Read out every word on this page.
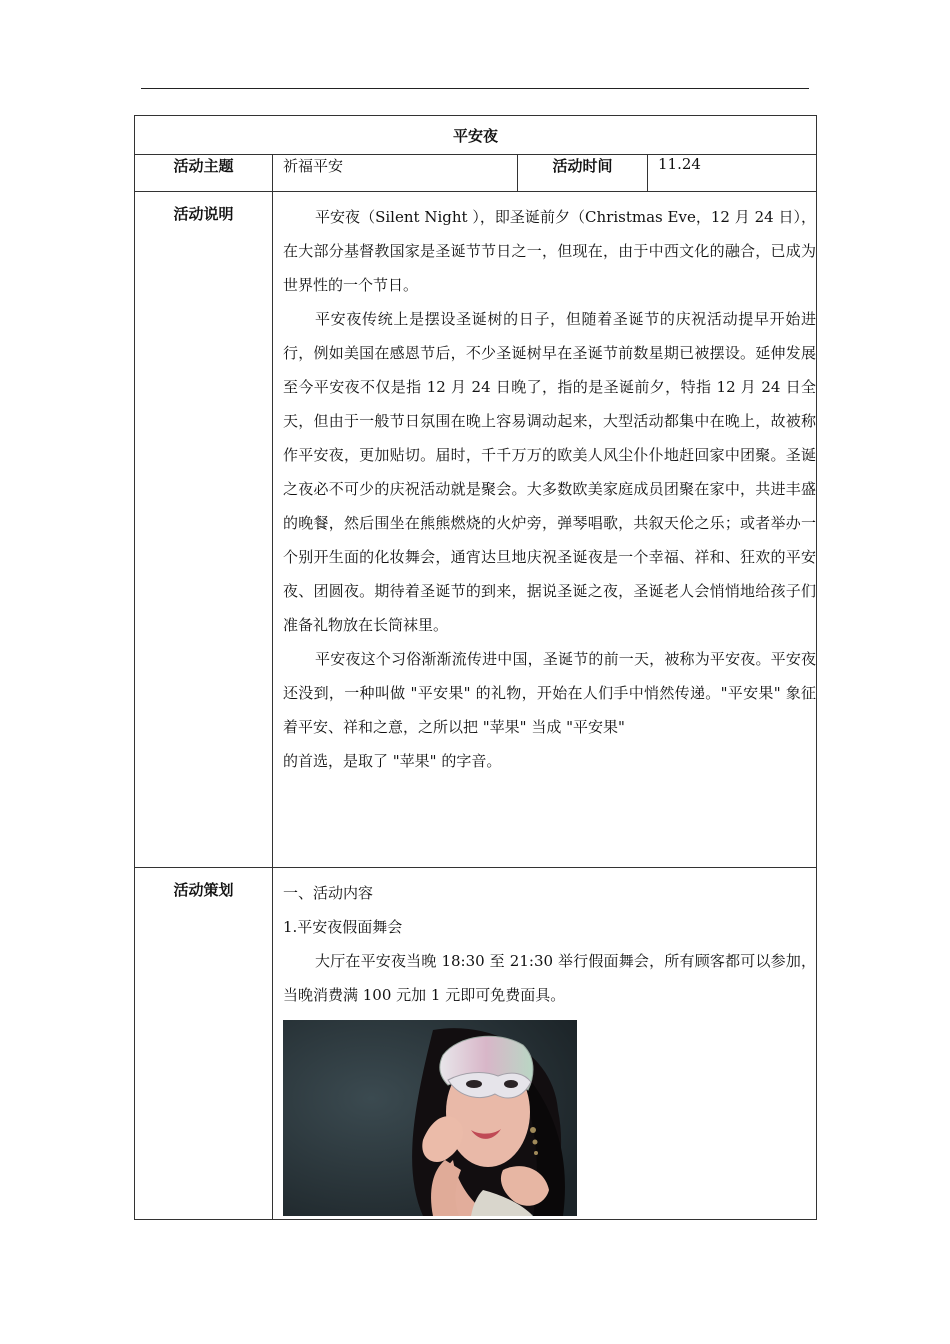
平安夜			
活动主题	祈福平安	活动时间	11.24
活动说明	平安夜（Silent Night ），即圣诞前夕（Christmas Eve，12 月 24 日），在大部分基督教国家是圣诞节节日之一，但现在，由于中西文化的融合，已成为世界性的一个节日。

平安夜传统上是摆设圣诞树的日子，但随着圣诞节的庆祝活动提早开始进行，例如美国在感恩节后，不少圣诞树早在圣诞节前数星期已被摆设。延伸发展至今平安夜不仅是指 12 月 24 日晚了，指的是圣诞前夕，特指 12 月 24 日全天，但由于一般节日氛围在晚上容易调动起来，大型活动都集中在晚上，故被称作平安夜，更加贴切。届时，千千万万的欧美人风尘仆仆地赶回家中团聚。圣诞之夜必不可少的庆祝活动就是聚会。大多数欧美家庭成员团聚在家中，共进丰盛的晚餐，然后围坐在熊熊燃烧的火炉旁，弹琴唱歌，共叙天伦之乐；或者举办一个别开生面的化妆舞会，通宵达旦地庆祝圣诞夜是一个幸福、祥和、狂欢的平安夜、团圆夜。期待着圣诞节的到来，据说圣诞之夜，圣诞老人会悄悄地给孩子们准备礼物放在长筒袜里。

平安夜这个习俗渐渐流传进中国，圣诞节的前一天，被称为平安夜。平安夜还没到，一种叫做 "平安果" 的礼物，开始在人们手中悄然传递。"平安果" 象征着平安、祥和之意，之所以把 "苹果" 当成 "平安果"

的首选，是取了 "苹果" 的字音。		

活动策划	一、活动内容

1.平安夜假面舞会

大厅在平安夜当晚 18:30 至 21:30 举行假面舞会，所有顾客都可以参加，当晚消费满 100 元加 1 元即可免费面具。		
